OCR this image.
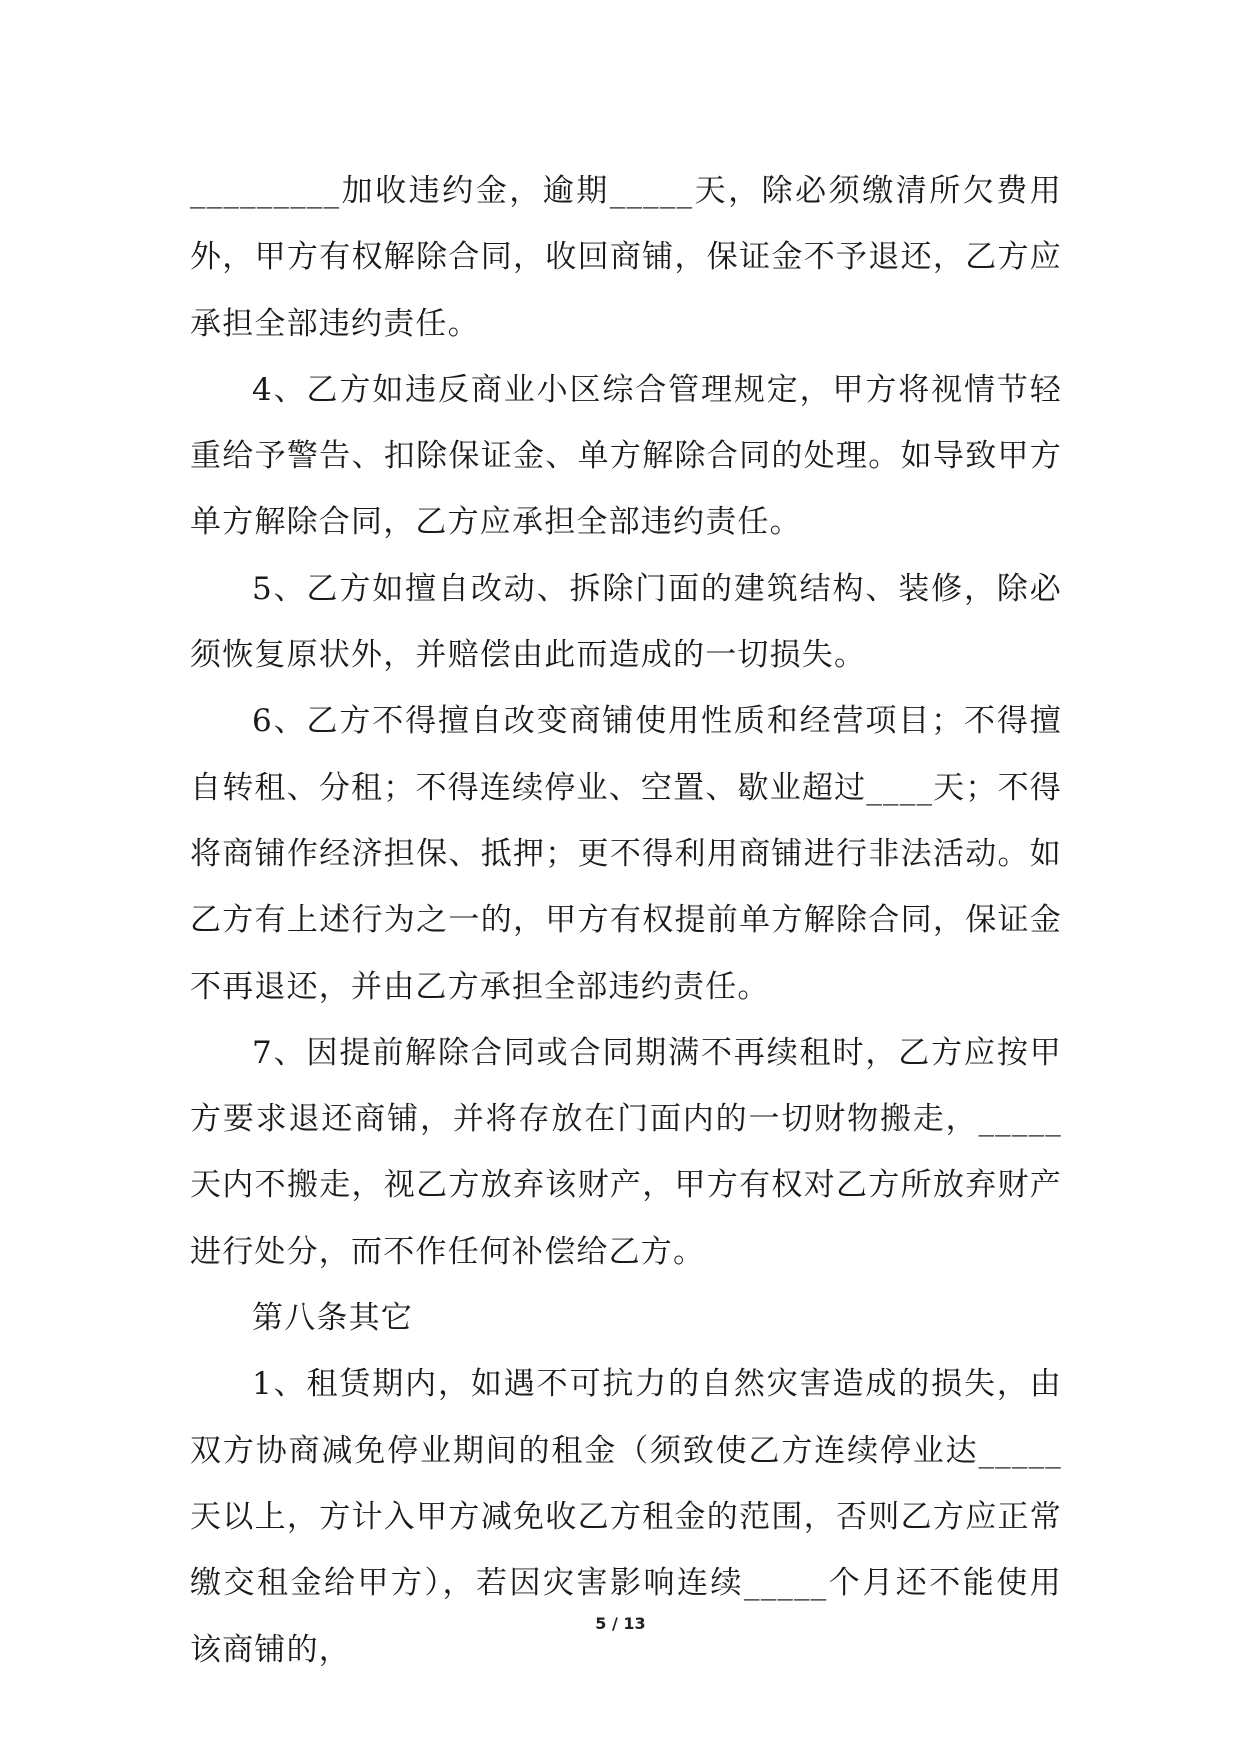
_________加收违约金，逾期_____天，除必须缴清所欠费用外，甲方有权解除合同，收回商铺，保证金不予退还，乙方应承担全部违约责任。

4、乙方如违反商业小区综合管理规定，甲方将视情节轻重给予警告、扣除保证金、单方解除合同的处理。如导致甲方单方解除合同，乙方应承担全部违约责任。

5、乙方如擅自改动、拆除门面的建筑结构、装修，除必须恢复原状外，并赔偿由此而造成的一切损失。

6、乙方不得擅自改变商铺使用性质和经营项目；不得擅自转租、分租；不得连续停业、空置、歇业超过____天；不得将商铺作经济担保、抵押；更不得利用商铺进行非法活动。如乙方有上述行为之一的，甲方有权提前单方解除合同，保证金不再退还，并由乙方承担全部违约责任。

7、因提前解除合同或合同期满不再续租时，乙方应按甲方要求退还商铺，并将存放在门面内的一切财物搬走，_____天内不搬走，视乙方放弃该财产，甲方有权对乙方所放弃财产进行处分，而不作任何补偿给乙方。

第八条其它

1、租赁期内，如遇不可抗力的自然灾害造成的损失，由双方协商减免停业期间的租金（须致使乙方连续停业达_____天以上，方计入甲方减免收乙方租金的范围，否则乙方应正常缴交租金给甲方），若因灾害影响连续_____个月还不能使用该商铺的，

5 / 13
